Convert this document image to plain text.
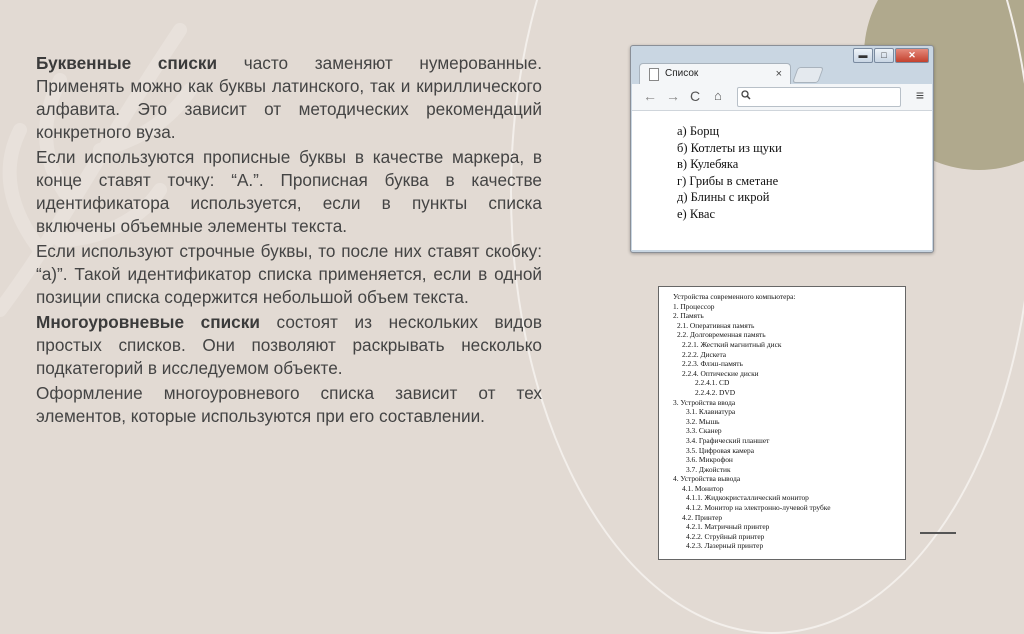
Буквенные списки часто заменяют нумерованные. Применять можно как буквы латинского, так и кириллического алфавита. Это зависит от методических рекомендаций конкретного вуза.

Если используются прописные буквы в качестве маркера, в конце ставят точку: “A.”. Прописная буква в качестве идентификатора используется, если в пункты списка включены объемные элементы текста.

Если используют строчные буквы, то после них ставят скобку: “a)”. Такой идентификатор списка применяется, если в одной позиции списка содержится небольшой объем текста.

Многоуровневые списки состоят из нескольких видов простых списков. Они позволяют раскрывать несколько подкатегорий в исследуемом объекте.

Оформление многоуровневого списка зависит от тех элементов, которые используются при его составлении.

▬	□	✕
Список	×
← → C ⌂	≡
а) Борщ
б) Котлеты из щуки
в) Кулебяка
г) Грибы в сметане
д) Блины с икрой
е) Квас
Устройства современного компьютера:
1. Процессор
2. Память
2.1. Оперативная память
2.2. Долговременная память
2.2.1. Жесткий магнитный диск
2.2.2. Дискета
2.2.3. Флэш-память
2.2.4. Оптические диски
2.2.4.1. CD
2.2.4.2. DVD
3. Устройства ввода
3.1. Клавиатура
3.2. Мышь
3.3. Сканер
3.4. Графический планшет
3.5. Цифровая камера
3.6. Микрофон
3.7. Джойстик
4. Устройства вывода
4.1. Монитор
4.1.1. Жидкокристаллический монитор
4.1.2. Монитор на электронно-лучевой трубке
4.2. Принтер
4.2.1. Матричный принтер
4.2.2. Струйный принтер
4.2.3. Лазерный принтер
